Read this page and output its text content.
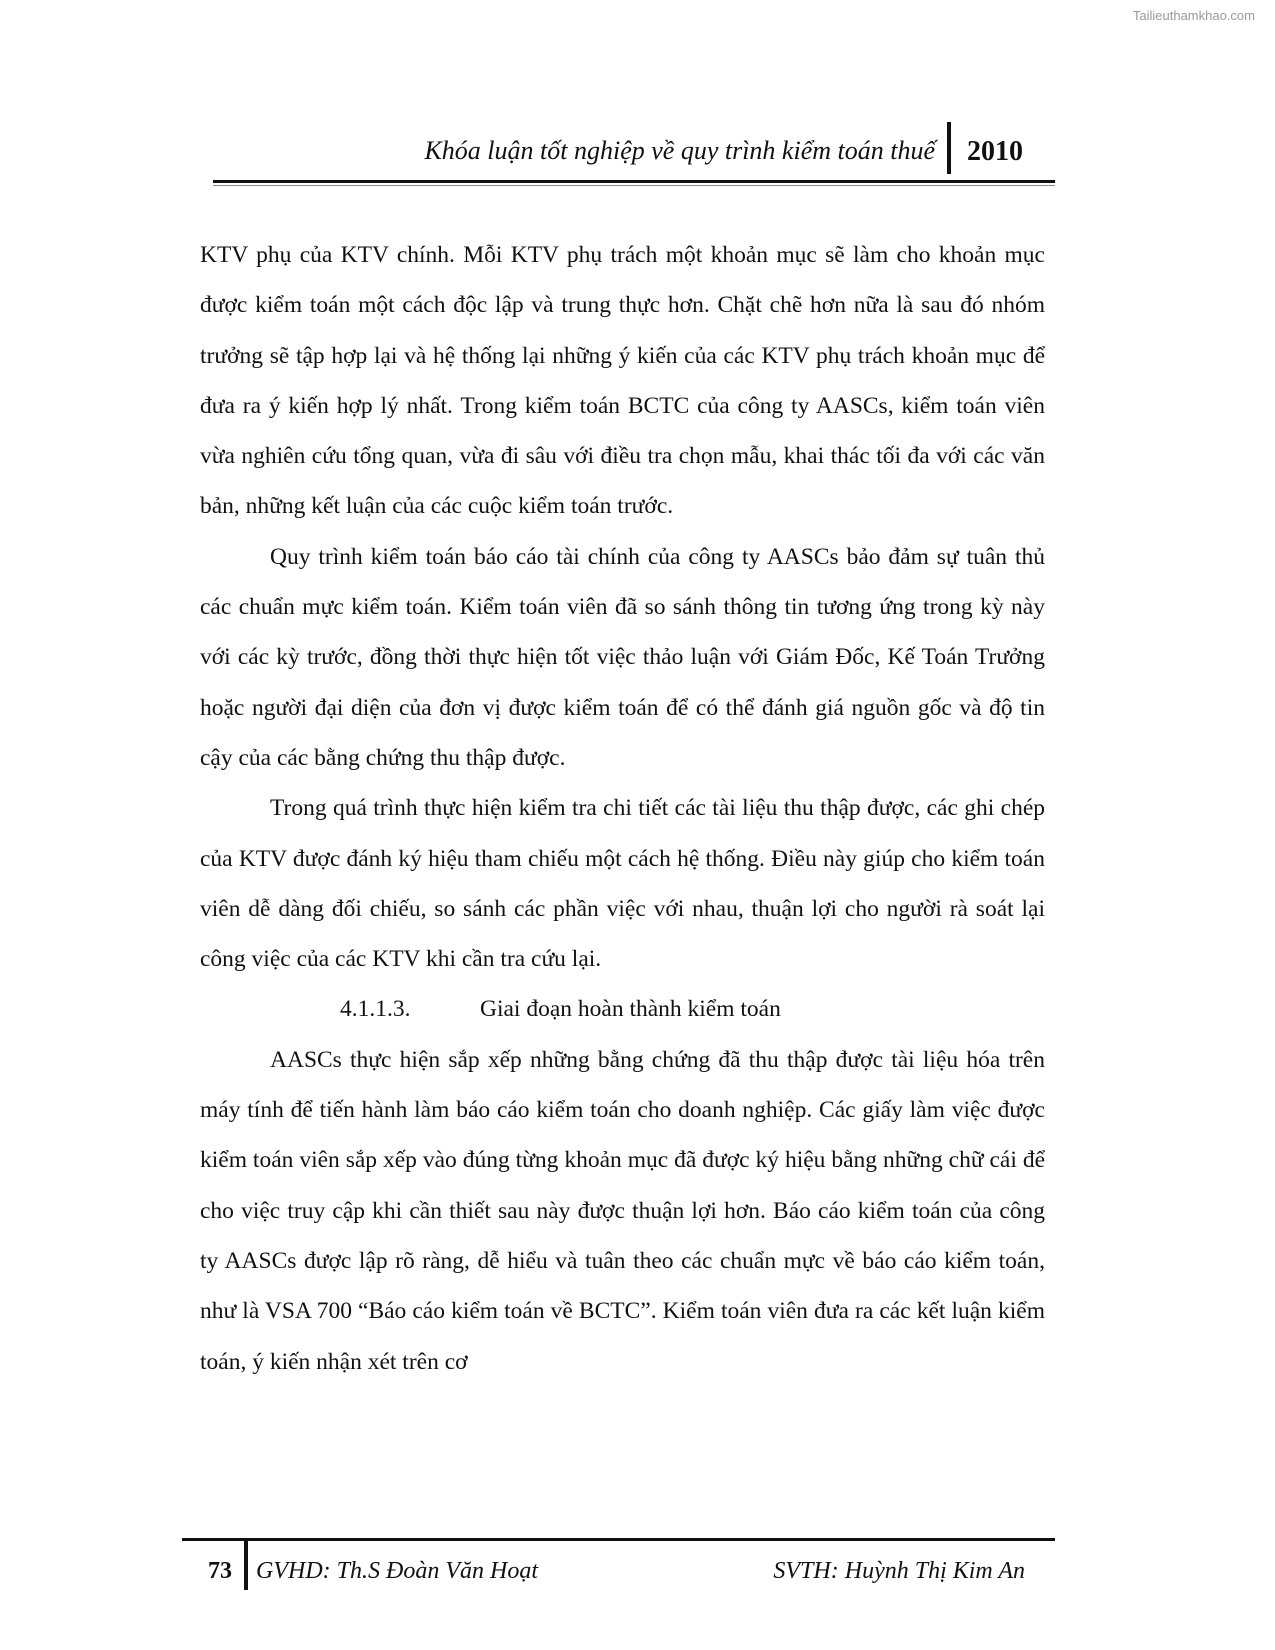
Tailieuthamkhao.com
Khóa luận tốt nghiệp về quy trình kiểm toán thuế 2010

KTV phụ của KTV chính. Mỗi KTV phụ trách một khoản mục sẽ làm cho khoản mục được kiểm toán một cách độc lập và trung thực hơn. Chặt chẽ hơn nữa là sau đó nhóm trưởng sẽ tập hợp lại và hệ thống lại những ý kiến của các KTV phụ trách khoản mục để đưa ra ý kiến hợp lý nhất. Trong kiểm toán BCTC của công ty AASCs, kiểm toán viên vừa nghiên cứu tổng quan, vừa đi sâu với điều tra chọn mẫu, khai thác tối đa với các văn bản, những kết luận của các cuộc kiểm toán trước.

Quy trình kiểm toán báo cáo tài chính của công ty AASCs bảo đảm sự tuân thủ các chuẩn mực kiểm toán. Kiểm toán viên đã so sánh thông tin tương ứng trong kỳ này với các kỳ trước, đồng thời thực hiện tốt việc thảo luận với Giám Đốc, Kế Toán Trưởng hoặc người đại diện của đơn vị được kiểm toán để có thể đánh giá nguồn gốc và độ tin cậy của các bằng chứng thu thập được.

Trong quá trình thực hiện kiểm tra chi tiết các tài liệu thu thập được, các ghi chép của KTV được đánh ký hiệu tham chiếu một cách hệ thống. Điều này giúp cho kiểm toán viên dễ dàng đối chiếu, so sánh các phần việc với nhau, thuận lợi cho người rà soát lại công việc của các KTV khi cần tra cứu lại.

4.1.1.3.	Giai đoạn hoàn thành kiểm toán

AASCs thực hiện sắp xếp những bằng chứng đã thu thập được tài liệu hóa trên máy tính để tiến hành làm báo cáo kiểm toán cho doanh nghiệp. Các giấy làm việc được kiểm toán viên sắp xếp vào đúng từng khoản mục đã được ký hiệu bằng những chữ cái để cho việc truy cập khi cần thiết sau này được thuận lợi hơn. Báo cáo kiểm toán của công ty AASCs được lập rõ ràng, dễ hiểu và tuân theo các chuẩn mực về báo cáo kiểm toán, như là VSA 700 “Báo cáo kiểm toán về BCTC”. Kiểm toán viên đưa ra các kết luận kiểm toán, ý kiến nhận xét trên cơ

73 GVHD: Th.S Đoàn Văn Hoạt	SVTH: Huỳnh Thị Kim An
